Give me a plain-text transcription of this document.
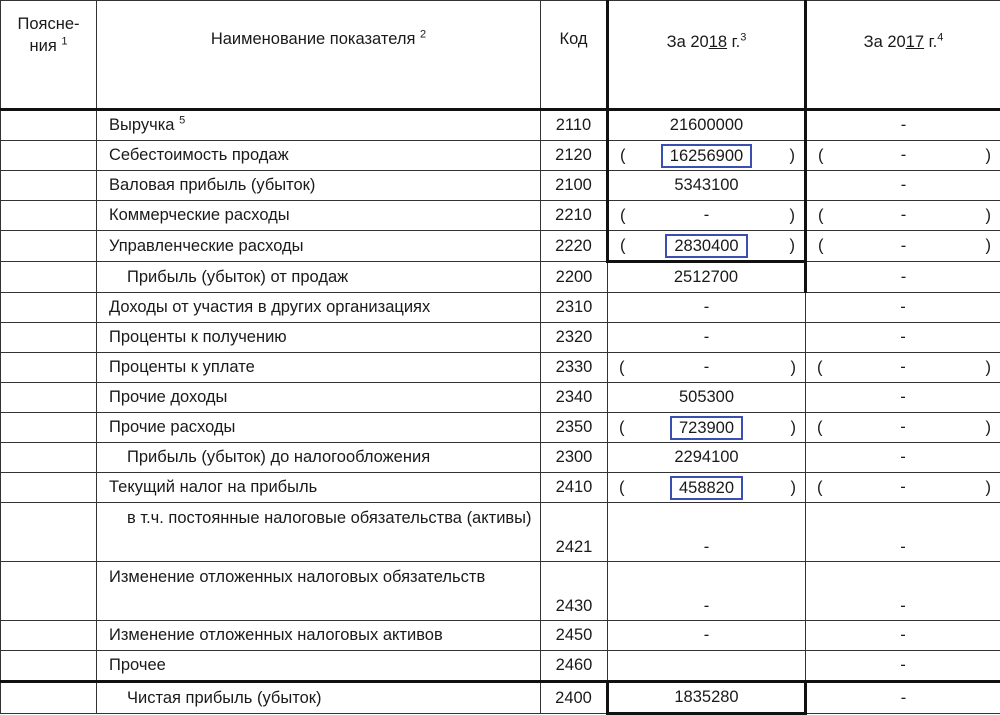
Поясне-
ния $^1$	Наименование показателя $^2$	Код	За 2018 г.$^3$	За 2017 г.$^4$
	Выручка $^5$	2110	21600000	-
	Себестоимость продаж	2120	( 16256900 )	( - )

	Валовая прибыль (убыток)	2100	5343100	-
	Коммерческие расходы	2210	( - )	( - )

	Управленческие расходы	2220	( 2830400 )	( - )

	Прибыль (убыток) от продаж	2200	2512700	-
	Доходы от участия в других организациях	2310	-	-
	Проценты к получению	2320	-	-
	Проценты к уплате	2330	( - )	( - )

	Прочие доходы	2340	505300	-
	Прочие расходы	2350	( 723900 )	( - )

	Прибыль (убыток) до налогообложения	2300	2294100	-
	Текущий налог на прибыль	2410	( 458820 )	( - )

	в т.ч. постоянные налоговые обязательства (активы)	2421	-	-
	Изменение отложенных налоговых обязательств	2430	-	-
	Изменение отложенных налоговых активов	2450	-	-
	Прочее	2460		-
	Чистая прибыль (убыток)	2400	1835280	-
